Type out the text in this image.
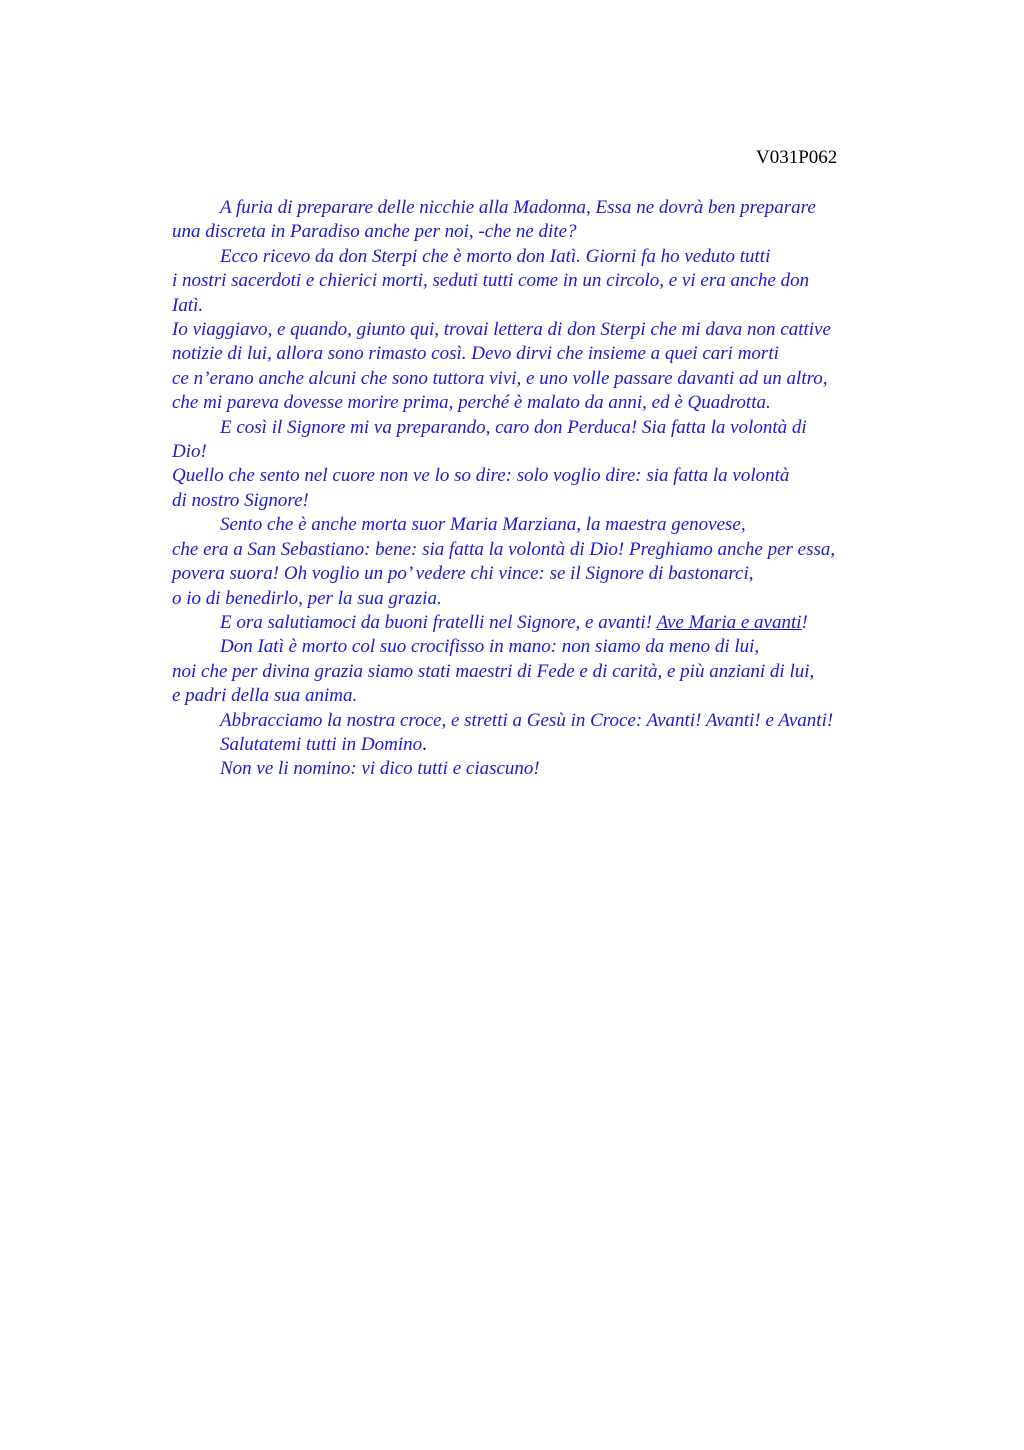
V031P062
A furia di preparare delle nicchie alla Madonna, Essa ne dovrà ben preparare
una discreta in Paradiso anche per noi, -che ne dite?
Ecco ricevo da don Sterpi che è morto don Iatì. Giorni fa ho veduto tutti
i nostri sacerdoti e chierici morti, seduti tutti come in un circolo, e vi era anche don
Iatì.
Io viaggiavo, e quando, giunto qui, trovai lettera di don Sterpi che mi dava non cattive
notizie di lui, allora sono rimasto così. Devo dirvi che insieme a quei cari morti
ce n’erano anche alcuni che sono tuttora vivi, e uno volle passare davanti ad un altro,
che mi pareva dovesse morire prima, perché è malato da anni, ed è Quadrotta.
E così il Signore mi va preparando, caro don Perduca! Sia fatta la volontà di
Dio!
Quello che sento nel cuore non ve lo so dire: solo voglio dire: sia fatta la volontà
di nostro Signore!
Sento che è anche morta suor Maria Marziana, la maestra genovese,
che era a San Sebastiano: bene: sia fatta la volontà di Dio! Preghiamo anche per essa,
povera suora! Oh voglio un po’ vedere chi vince: se il Signore di bastonarci,
o io di benedirlo, per la sua grazia.
E ora salutiamoci da buoni fratelli nel Signore, e avanti! Ave Maria e avanti!
Don Iatì è morto col suo crocifisso in mano: non siamo da meno di lui,
noi che per divina grazia siamo stati maestri di Fede e di carità, e più anziani di lui,
e padri della sua anima.
Abbracciamo la nostra croce, e stretti a Gesù in Croce: Avanti! Avanti! e Avanti!
Salutatemi tutti in Domino.
Non ve li nomino: vi dico tutti e ciascuno!
